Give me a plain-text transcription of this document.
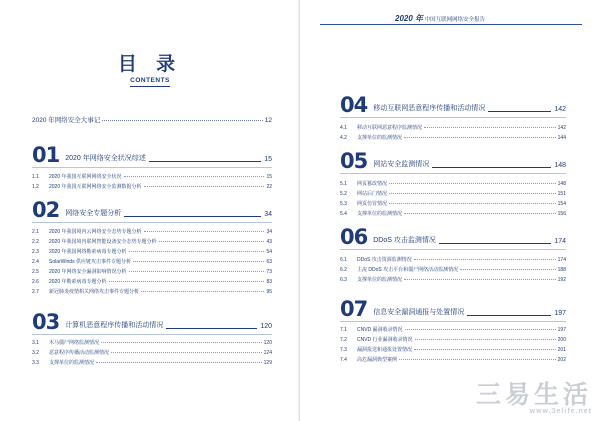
目 录
CONTENTS
2020 年网络安全大事记	12
01 2020 年网络安全状况综述	15
1.1	2020 年我国互联网网络安全状况	15
1.2	2020 年我国互联网网络安全监测数据分析	22
02 网络安全专题分析	34
2.1	2020 年我国境内云网络安全态势专题分析	34
2.2	2020 年我国境内联网智能设备安全态势专题分析	43
2.3	2020 年我国网络勒索病毒专题分析	54
2.4	SolarWinds 供应链攻击事件专题分析	63
2.5	2020 年网络安全漏洞影响情况分析	73
2.6	2020 年勒索病毒专题分析	83
2.7	新冠肺炎疫情相关网络攻击事件专题分析	95
03 计算机恶意程序传播和活动情况	120
3.1	木马僵尸网络监测情况	120
3.2	恶意程序传播活动监测情况	124
3.3	支撑单位的监测情况	129
2020 年 中国互联网网络安全报告
04 移动互联网恶意程序传播和活动情况	142
4.1	移动互联网恶意程序监测情况	142
4.2	支撑单位的监测情况	144
05 网站安全监测情况	148
5.1	网页篡改情况	148
5.2	网站后门情况	151
5.3	网页仿冒情况	154
5.4	支撑单位的监测情况	156
06 DDoS 攻击监测情况	174
6.1	DDoS 攻击资源监测情况	174
6.2	主流 DDoS 攻击平台和僵尸网络活动监测情况	188
6.3	支撑单位的监测情况	192
07 信息安全漏洞通报与处置情况	197
7.1	CNVD 漏洞收录情况	197
7.2	CNVD 行业漏洞收录情况	200
7.3	漏洞报送和通报处置情况	201
7.4	高危漏洞典型案例	202
三易生活
www.3elife.net
